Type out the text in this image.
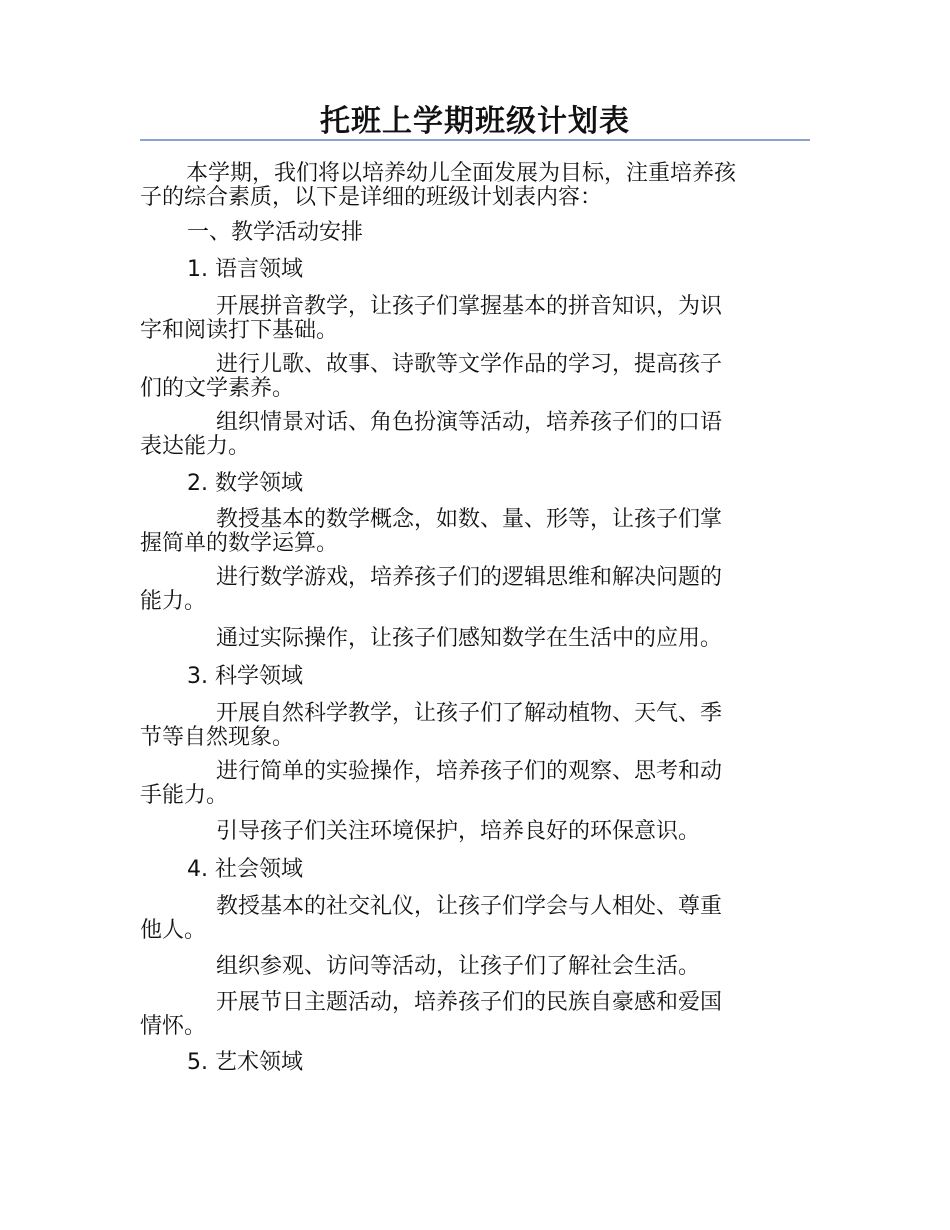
托班上学期班级计划表
本学期，我们将以培养幼儿全面发展为目标，注重培养孩
子的综合素质，以下是详细的班级计划表内容：
一、教学活动安排
1. 语言领域
开展拼音教学，让孩子们掌握基本的拼音知识，为识
字和阅读打下基础。
进行儿歌、故事、诗歌等文学作品的学习，提高孩子
们的文学素养。
组织情景对话、角色扮演等活动，培养孩子们的口语
表达能力。
2. 数学领域
教授基本的数学概念，如数、量、形等，让孩子们掌
握简单的数学运算。
进行数学游戏，培养孩子们的逻辑思维和解决问题的
能力。
通过实际操作，让孩子们感知数学在生活中的应用。
3. 科学领域
开展自然科学教学，让孩子们了解动植物、天气、季
节等自然现象。
进行简单的实验操作，培养孩子们的观察、思考和动
手能力。
引导孩子们关注环境保护，培养良好的环保意识。
4. 社会领域
教授基本的社交礼仪，让孩子们学会与人相处、尊重
他人。
组织参观、访问等活动，让孩子们了解社会生活。
开展节日主题活动，培养孩子们的民族自豪感和爱国
情怀。
5. 艺术领域
